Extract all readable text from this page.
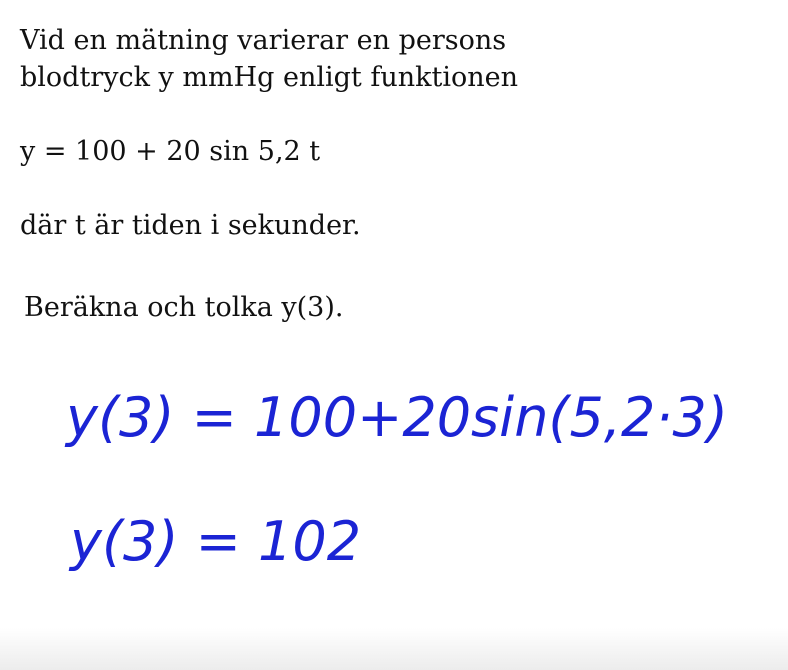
Vid en mätning varierar en persons

blodtryck y mmHg enligt funktionen

y = 100 + 20 sin 5,2 t

där t är tiden i sekunder.

Beräkna och tolka y(3).

y(3) = 100+20sin(5,2·3)
y(3) = 102
